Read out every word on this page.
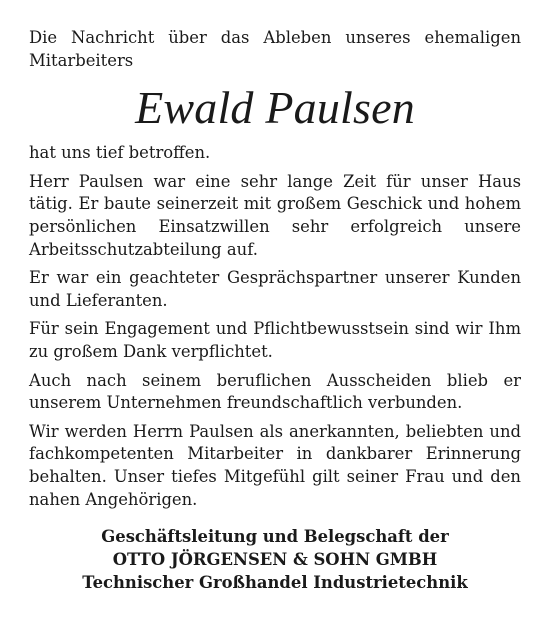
Die Nachricht über das Ableben unseres ehemaligen Mitarbeiters

Ewald Paulsen

hat uns tief betroffen.

Herr Paulsen war eine sehr lange Zeit für unser Haus tätig. Er baute seinerzeit mit großem Geschick und hohem persönlichen Einsatzwillen sehr erfolgreich unsere Arbeitsschutzabteilung auf.

Er war ein geachteter Gesprächspartner unserer Kunden und Lieferanten.

Für sein Engagement und Pflichtbewusstsein sind wir Ihm zu großem Dank verpflichtet.

Auch nach seinem beruflichen Ausscheiden blieb er unserem Unternehmen freundschaftlich verbunden.

Wir werden Herrn Paulsen als anerkannten, beliebten und fachkompetenten Mitarbeiter in dankbarer Erinnerung behalten. Unser tiefes Mitgefühl gilt seiner Frau und den nahen Angehörigen.

Geschäftsleitung und Belegschaft der
OTTO JÖRGENSEN & SOHN GMBH
Technischer Großhandel Industrietechnik
